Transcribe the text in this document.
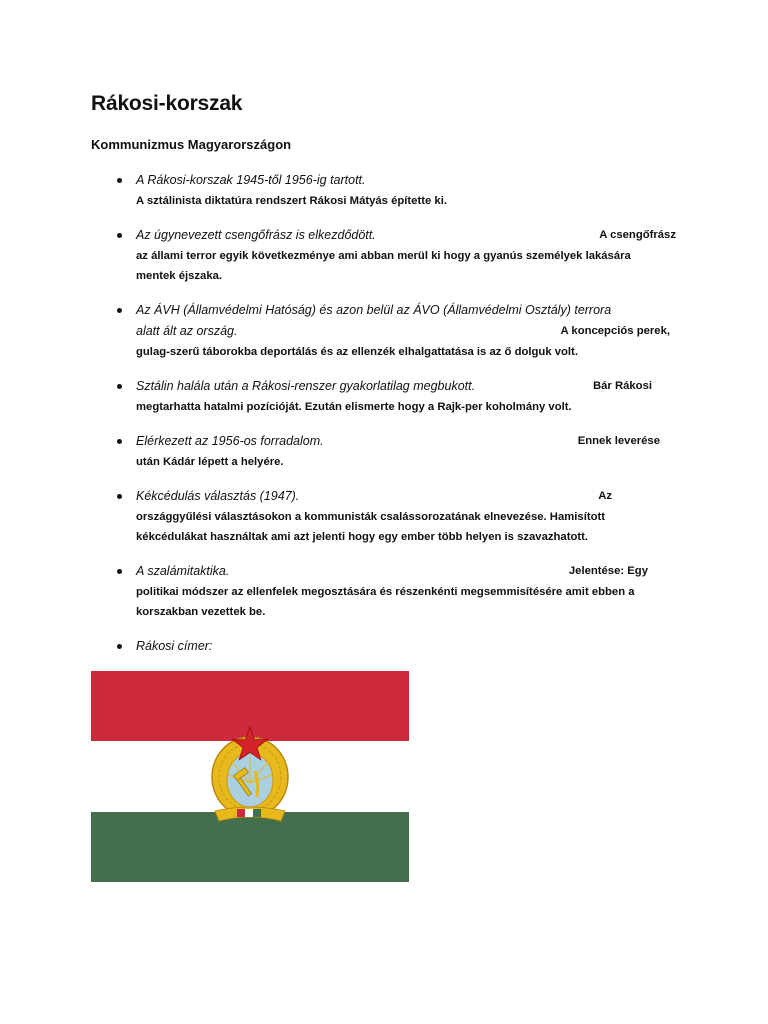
Rákosi-korszak
Kommunizmus Magyarországon
A Rákosi-korszak 1945-től 1956-ig tartott.
A sztálinista diktatúra rendszert Rákosi Mátyás építette ki.
Az úgynevezett csengőfrász is elkezdődött.	A csengőfrász
az állami terror egyik következménye ami abban merül ki hogy a gyanús személyek lakására
mentek éjszaka.
Az ÁVH (Államvédelmi Hatóság) és azon belül az ÁVO (Államvédelmi Osztály) terrora
alatt ált az ország.	A koncepciós perek,
gulag-szerű táborokba deportálás és az ellenzék elhalgattatása is az ő dolguk volt.
Sztálin halála után a Rákosi-renszer gyakorlatilag megbukott.	Bár Rákosi
megtarhatta hatalmi pozícióját. Ezután elismerte hogy a Rajk-per koholmány volt.
Elérkezett az 1956-os forradalom.	Ennek leverése
után Kádár lépett a helyére.
Kékcédulás választás (1947).	Az
országgyűlési választásokon a kommunisták csalássorozatának elnevezése. Hamisított
kékcédulákat használtak ami azt jelenti hogy egy ember több helyen is szavazhatott.
A szalámitaktika.	Jelentése: Egy
politikai módszer az ellenfelek megosztására és részenkénti megsemmisítésére amit ebben a
korszakban vezettek be.
Rákosi címer:
